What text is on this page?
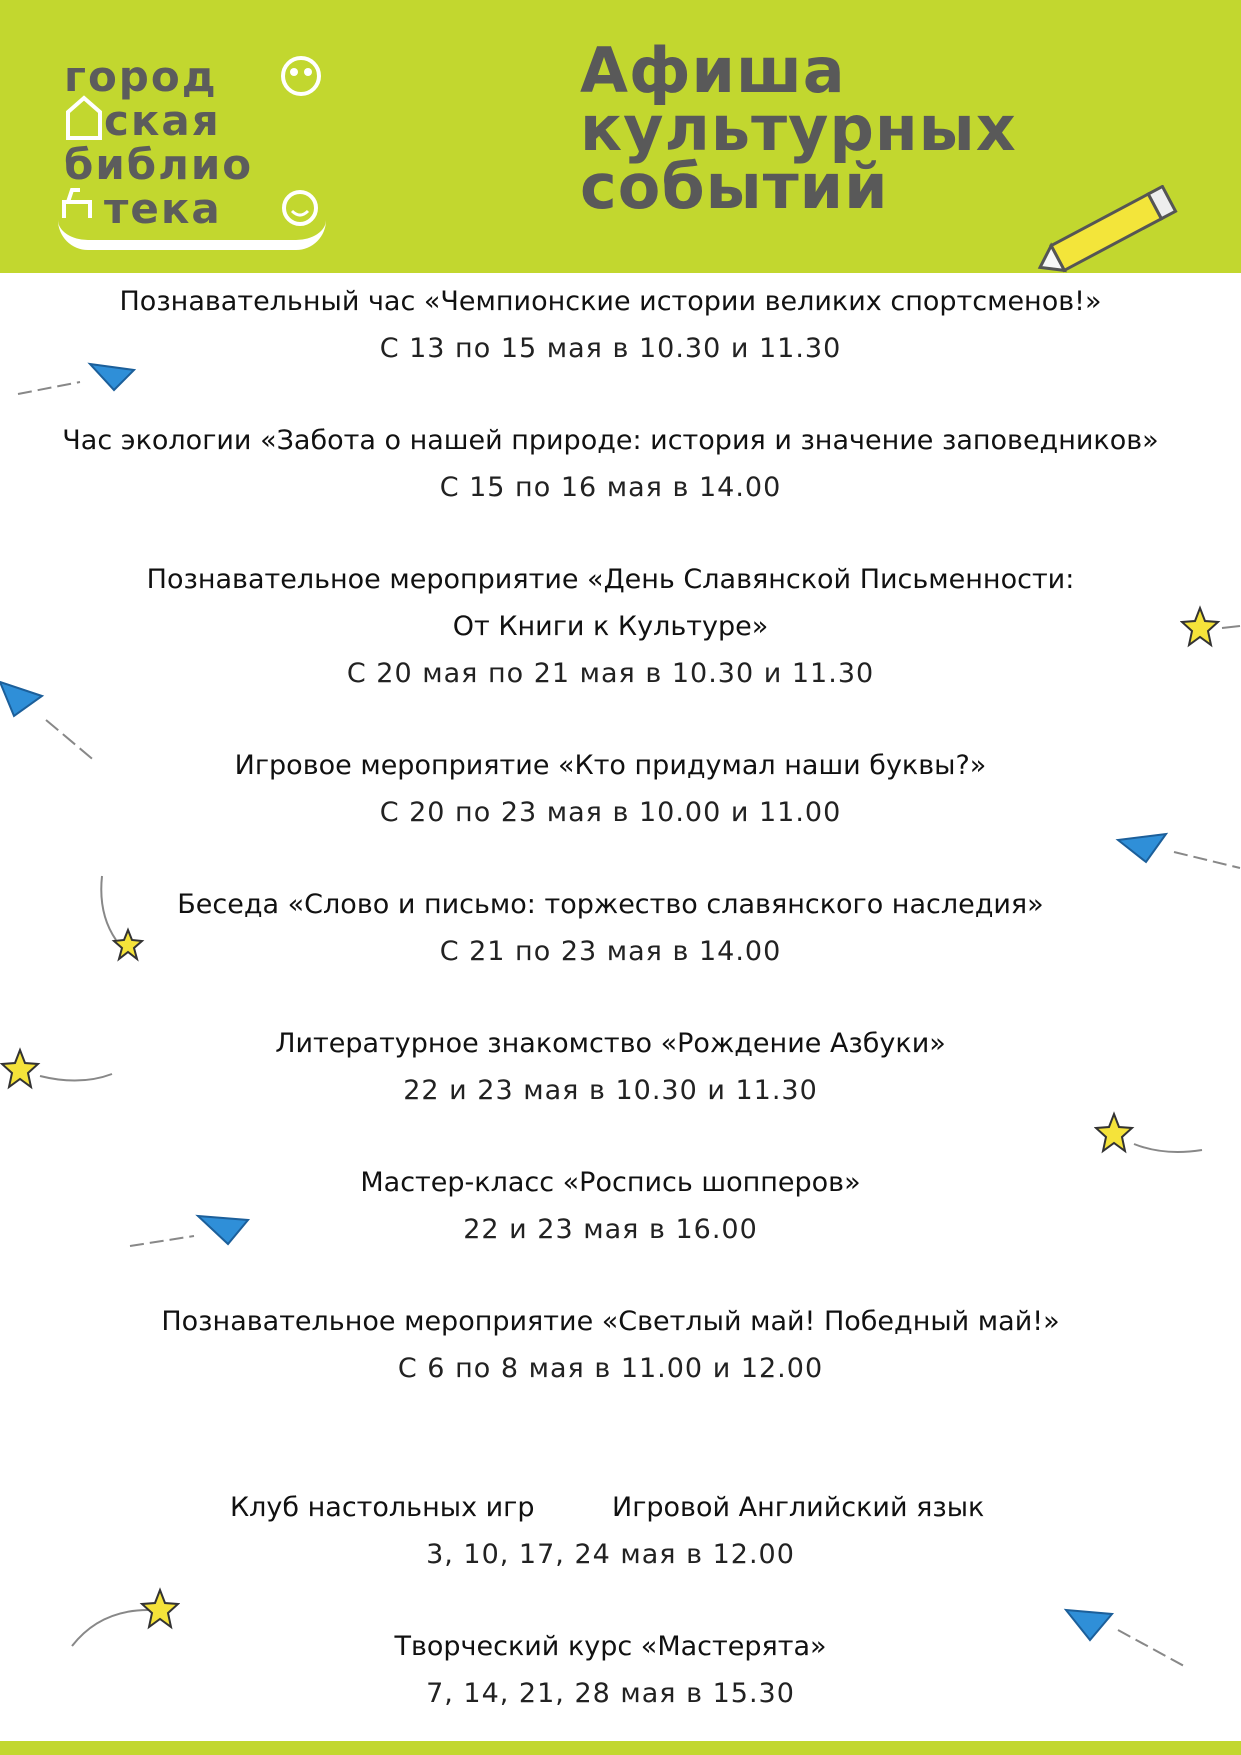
город
ская
библио
тека
Афиша
культурных
событий
Познавательный час «Чемпионские истории великих спортсменов!»
С 13 по 15 мая в 10.30 и 11.30
Час экологии «Забота о нашей природе: история и значение заповедников»
С 15 по 16 мая в 14.00
Познавательное мероприятие «День Славянской Письменности:
От Книги к Культуре»
С 20 мая по 21 мая в 10.30 и 11.30
Игровое мероприятие «Кто придумал наши буквы?»
С 20 по 23 мая в 10.00 и 11.00
Беседа «Слово и письмо: торжество славянского наследия»
С 21 по 23 мая в 14.00
Литературное знакомство «Рождение Азбуки»
22 и 23 мая в 10.30 и 11.30
Мастер-класс «Роспись шопперов»
22 и 23 мая в 16.00
Познавательное мероприятие «Светлый май! Победный май!»
С 6 по 8 мая в 11.00 и 12.00
Клуб настольных игр	Игровой Английский язык
3, 10, 17, 24 мая в 12.00
Творческий курс «Мастерята»
7, 14, 21, 28 мая в 15.30
